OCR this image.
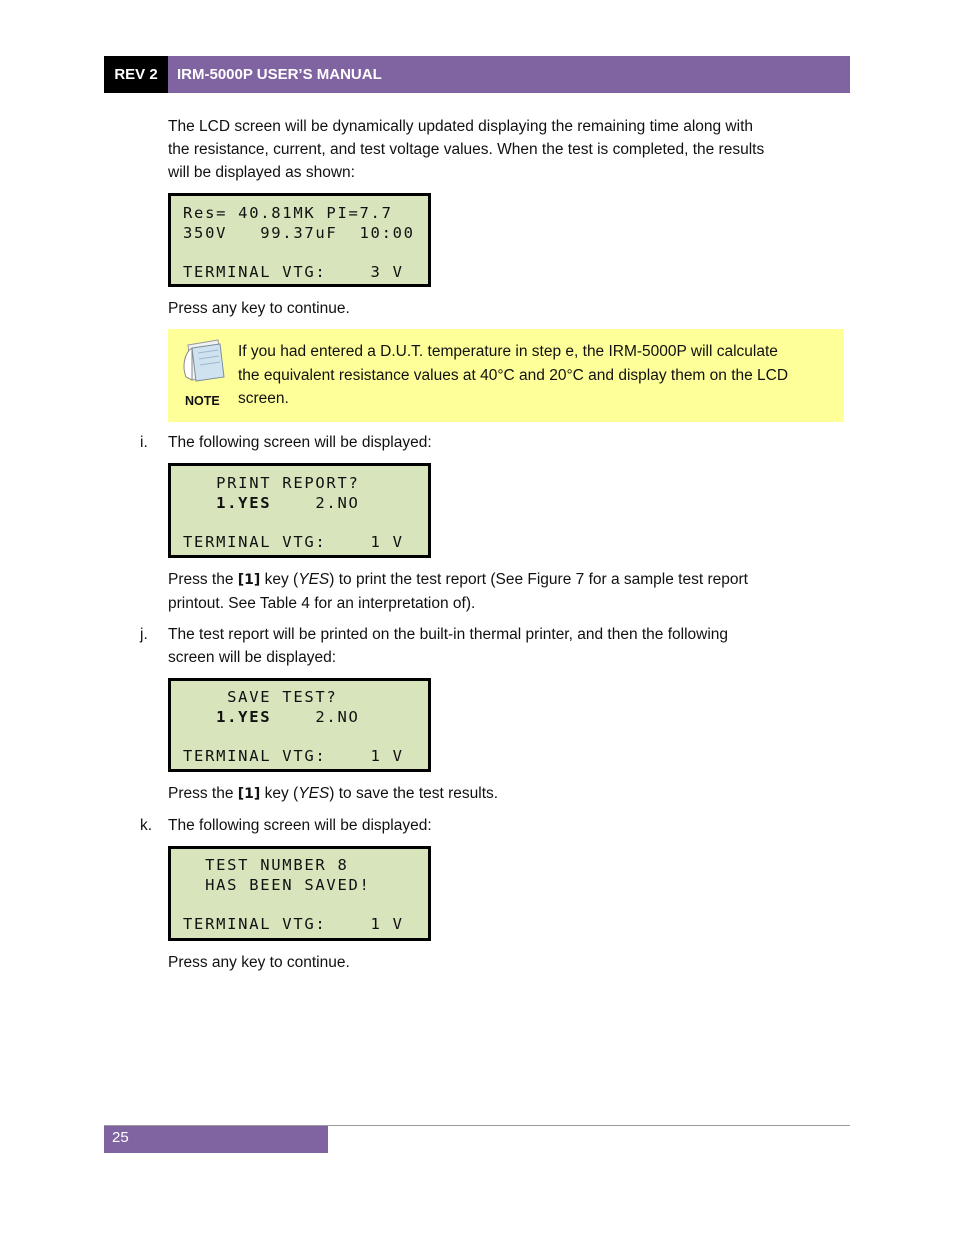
REV 2	IRM-5000P USER’S MANUAL
The LCD screen will be dynamically updated displaying the remaining time along with
the resistance, current, and test voltage values. When the test is completed, the results
will be displayed as shown:
Res= 40.81MK PI=7.7
350V   99.37uF  10:00
TERMINAL VTG:    3 V
Press any key to continue.
NOTE
If you had entered a D.U.T. temperature in step e, the IRM-5000P will calculate
the equivalent resistance values at 40°C and 20°C and display them on the LCD
screen.
i. The following screen will be displayed:
PRINT REPORT?
1.YES    2.NO
TERMINAL VTG:    1 V
Press the [1] key (YES) to print the test report (See Figure 7 for a sample test report
printout. See Table 4 for an interpretation of).
j. The test report will be printed on the built-in thermal printer, and then the following
screen will be displayed:
SAVE TEST?
1.YES    2.NO
TERMINAL VTG:    1 V
Press the [1] key (YES) to save the test results.
k. The following screen will be displayed:
TEST NUMBER 8
HAS BEEN SAVED!
TERMINAL VTG:    1 V
Press any key to continue.
25
